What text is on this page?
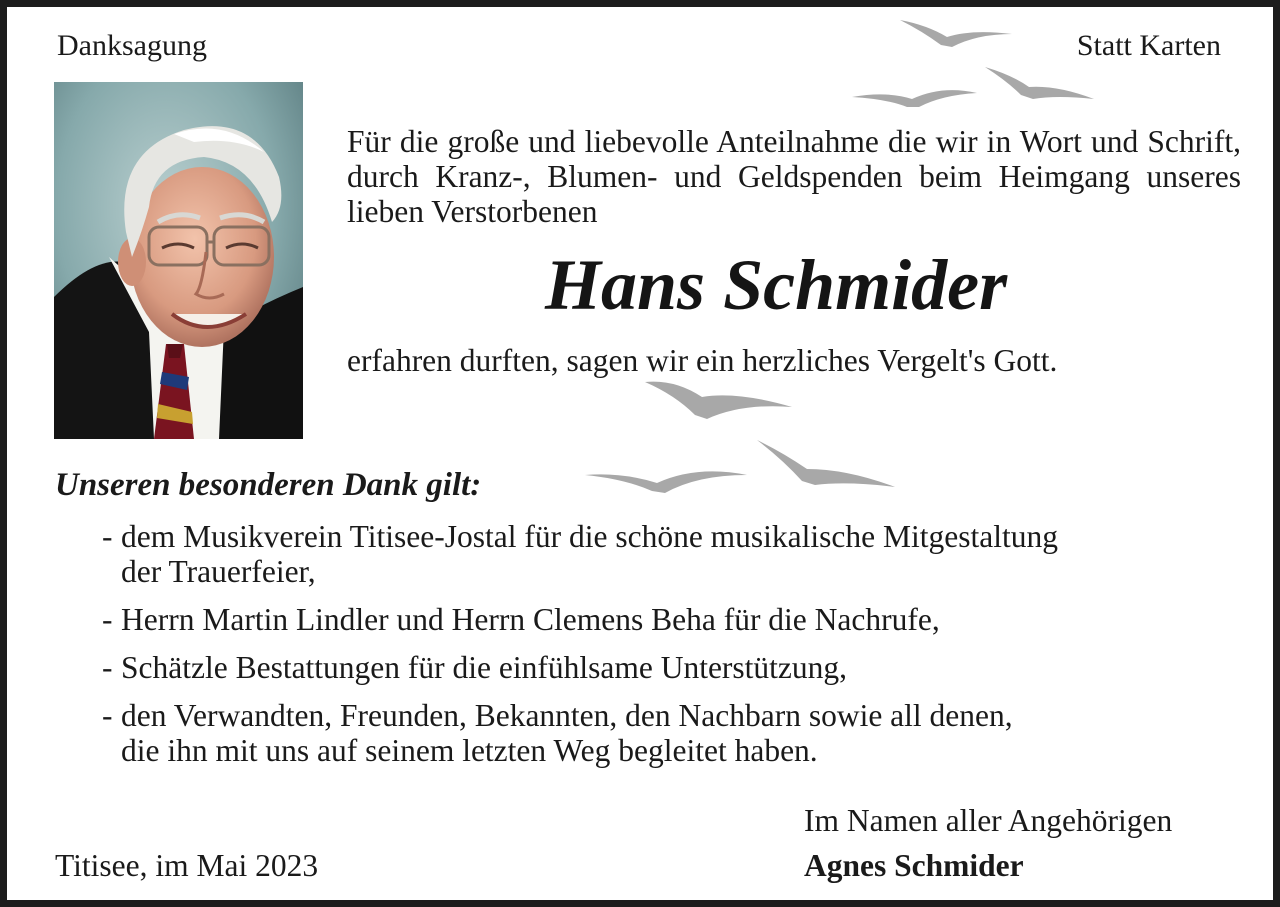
Danksagung	Statt Karten
Für die große und liebevolle Anteilnahme die wir in Wort und Schrift, durch Kranz-, Blumen- und Geldspenden beim Heimgang unseres lieben Verstorbenen
Hans Schmider
erfahren durften, sagen wir ein herzliches Vergelt's Gott.
Unseren besonderen Dank gilt:
- dem Musikverein Titisee-Jostal für die schöne musikalische Mitgestaltung
der Trauerfeier,
- Herrn Martin Lindler und Herrn Clemens Beha für die Nachrufe,
- Schätzle Bestattungen für die einfühlsame Unterstützung,
- den Verwandten, Freunden, Bekannten, den Nachbarn sowie all denen,
die ihn mit uns auf seinem letzten Weg begleitet haben.
Im Namen aller Angehörigen
Titisee, im Mai 2023	Agnes Schmider
